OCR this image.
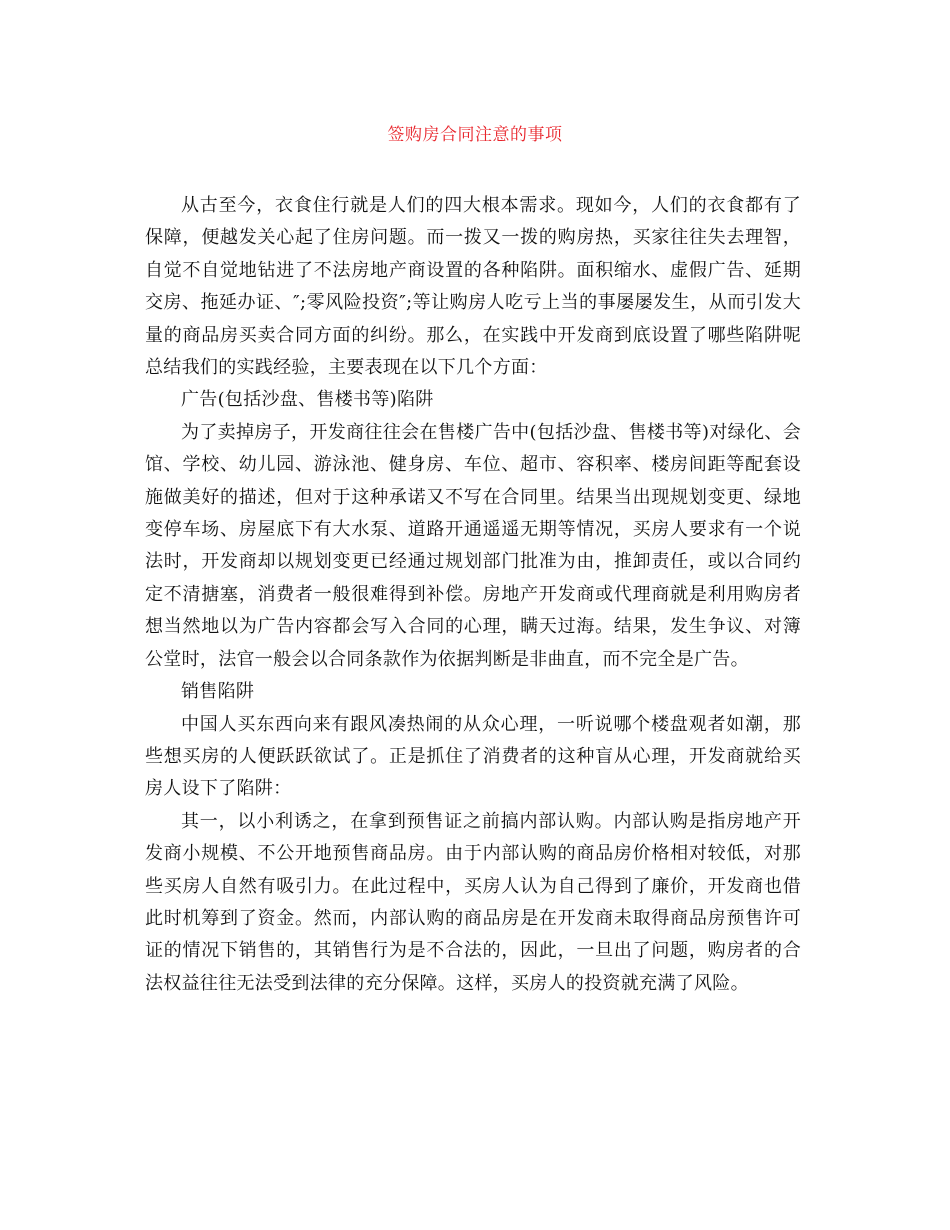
签购房合同注意的事项

从古至今，衣食住行就是人们的四大根本需求。现如今，人们的衣食都有了保障，便越发关心起了住房问题。而一拨又一拨的购房热，买家往往失去理智，自觉不自觉地钻进了不法房地产商设置的各种陷阱。面积缩水、虚假广告、延期交房、拖延办证、″;零风险投资″;等让购房人吃亏上当的事屡屡发生，从而引发大量的商品房买卖合同方面的纠纷。那么，在实践中开发商到底设置了哪些陷阱呢总结我们的实践经验，主要表现在以下几个方面：

广告(包括沙盘、售楼书等)陷阱

为了卖掉房子，开发商往往会在售楼广告中(包括沙盘、售楼书等)对绿化、会馆、学校、幼儿园、游泳池、健身房、车位、超市、容积率、楼房间距等配套设施做美好的描述，但对于这种承诺又不写在合同里。结果当出现规划变更、绿地变停车场、房屋底下有大水泵、道路开通遥遥无期等情况，买房人要求有一个说法时，开发商却以规划变更已经通过规划部门批准为由，推卸责任，或以合同约定不清搪塞，消费者一般很难得到补偿。房地产开发商或代理商就是利用购房者想当然地以为广告内容都会写入合同的心理，瞒天过海。结果，发生争议、对簿公堂时，法官一般会以合同条款作为依据判断是非曲直，而不完全是广告。

销售陷阱

中国人买东西向来有跟风凑热闹的从众心理，一听说哪个楼盘观者如潮，那些想买房的人便跃跃欲试了。正是抓住了消费者的这种盲从心理，开发商就给买房人设下了陷阱：

其一，以小利诱之，在拿到预售证之前搞内部认购。内部认购是指房地产开发商小规模、不公开地预售商品房。由于内部认购的商品房价格相对较低，对那些买房人自然有吸引力。在此过程中，买房人认为自己得到了廉价，开发商也借此时机筹到了资金。然而，内部认购的商品房是在开发商未取得商品房预售许可证的情况下销售的，其销售行为是不合法的，因此，一旦出了问题，购房者的合法权益往往无法受到法律的充分保障。这样，买房人的投资就充满了风险。
